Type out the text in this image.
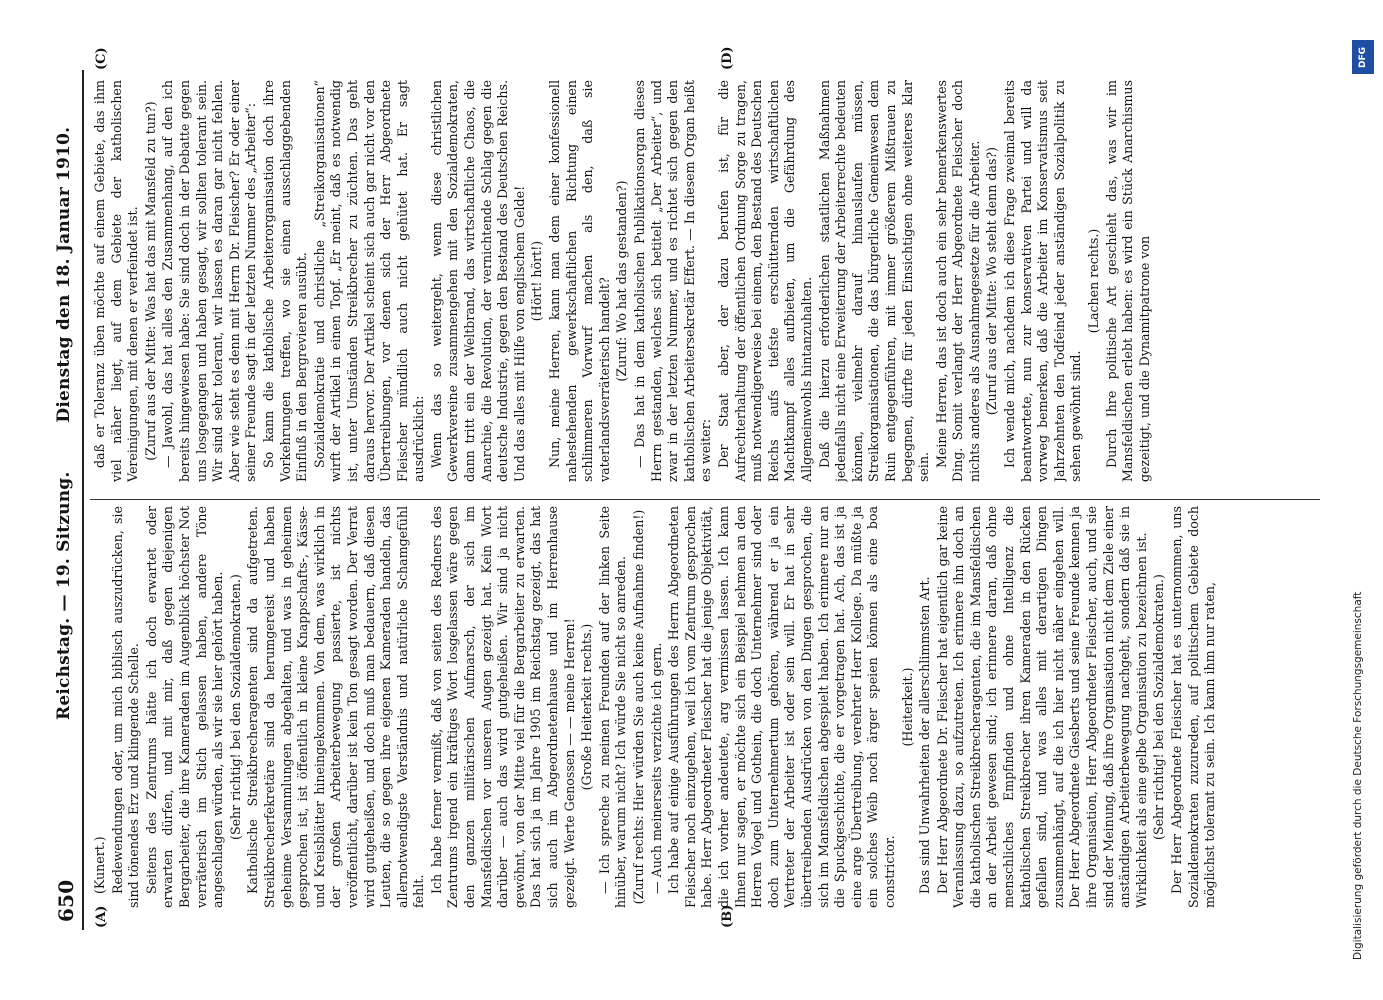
650
Reichstag. — 19. Sitzung.        Dienstag den 18. Januar 1910.
(A)	(B)
(C)	(D)

(Kunert.) Redewendungen oder, um mich biblisch auszudrücken, sie sind tönendes Erz und klingende Schelle. Seitens des Zentrums hätte ich doch erwartet oder erwarten dürfen, und mit mir, daß gegen diejenigen Bergarbeiter, die ihre Kameraden im Augenblick höchster Not verräterisch im Stich gelassen haben, andere Töne angeschlagen würden, als wir sie hier gehört haben. (Sehr richtig! bei den Sozialdemokraten.) Katholische Streikbrecheragenten sind da aufgetreten. Streikbrecherfekretäre sind da herumgereist und haben geheime Versammlungen abgehalten, und was in geheimen gesprochen ist, ist öffentlich in kleine Knappschafts-, Kässe- und Kreisblätter hineingekommen. Von dem, was wirklich in der großen Arbeiterbewegung passierte, ist nichts veröffentlicht, darüber ist kein Ton gesagt worden. Der Verrat wird gutgeheißen, und doch muß man bedauern, daß diesen Leuten, die so gegen ihre eigenen Kameraden handeln, das allernotwendigste Verständnis und natürliche Schamgefühl fehlt. Ich habe ferner vermißt, daß von seiten des Redners des Zentrums irgend ein kräftiges Wort losgelassen wäre gegen den ganzen militärischen Aufmarsch, der sich im Mansfeldischen vor unseren Augen gezeigt hat. Kein Wort darüber — auch das wird gutgeheißen. Wir sind ja nicht gewöhnt, von der Mitte viel für die Bergarbeiter zu erwarten. Das hat sich ja im Jahre 1905 im Reichstag gezeigt, das hat sich auch im Abgeordnetenhause und im Herrenhause gezeigt. Werte Genossen — — meine Herren! (Große Heiterkeit rechts.) — Ich spreche zu meinen Freunden auf der linken Seite hinüber, warum nicht? Ich würde Sie nicht so anreden. (Zuruf rechts: Hier würden Sie auch keine Aufnahme finden!) — Auch meinerseits verzichte ich gern. Ich habe auf einige Ausführungen des Herrn Abgeordneten Fleischer noch einzugehen, weil ich vom Zentrum gesprochen habe. Herr Abgeordneter Fleischer hat die jenige Objektivität, die ich vorher andeutete, arg vermissen lassen. Ich kann Ihnen nur sagen, er möchte sich ein Beispiel nehmen an den Herren Vogel und Gothein, die doch Unternehmer sind oder doch zum Unternehmertum gehören, während er ja ein Vertreter der Arbeiter ist oder sein will. Er hat in sehr übertreibenden Ausdrücken von den Dingen gesprochen, die sich im Mansfeldischen abgespielt haben. Ich erinnere nur an die Spuckgeschichte, die er vorgetragen hat. Ach, das ist ja eine arge Übertreibung, verehrter Herr Kollege. Da müßte ja ein solches Weib noch ärger speien können als eine boa constrictor.

(Heiterkeit.) Das sind Unwahrheiten der allerschlimmsten Art. Der Herr Abgeordnete Dr. Fleischer hat eigentlich gar keine Veranlassung dazu, so aufzutreten. Ich erinnere ihn doch an die katholischen Streikbrecheragenten, die im Mansfeldischen an der Arbeit gewesen sind; ich erinnere daran, daß ohne menschliches Empfinden und ohne Intelligenz die katholischen Streikbrecher ihren Kameraden in den Rücken gefallen sind, und was alles mit derartigen Dingen zusammenhängt, auf die ich hier nicht näher eingehen will. Der Herr Abgeordnete Giesberts und seine Freunde kennen ja ihre Organisation, Herr Abgeordneter Fleischer, auch, und sie sind der Meinung, daß ihre Organisation nicht dem Ziele einer anständigen Arbeiterbewegung nachgeht, sondern daß sie in Wirklichkeit als eine gelbe Organisation zu bezeichnen ist. (Sehr richtig! bei den Sozialdemokraten.) Der Herr Abgeordnete Fleischer hat es unternommen, uns Sozialdemokraten zuzureden, auf politischem Gebiete doch möglichst tolerant zu sein. Ich kann ihm nur raten,

daß er Toleranz üben möchte auf einem Gebiete, das ihm viel näher liegt, auf dem Gebiete der katholischen Vereinigungen, mit denen er verfeindet ist. (Zuruf aus der Mitte: Was hat das mit Mansfeld zu tun?) — Jawohl, das hat alles den Zusammenhang, auf den ich bereits hingewiesen habe: Sie sind doch in der Debatte gegen uns losgegangen und haben gesagt, wir sollten tolerant sein. Wir sind sehr tolerant, wir lassen es daran gar nicht fehlen. Aber wie steht es denn mit Herrn Dr. Fleischer? Er oder einer seiner Freunde sagt in der letzten Nummer des „Arbeiter“: So kann die katholische Arbeiterorganisation doch ihre Vorkehrungen treffen, wo sie einen ausschlaggebenden Einfluß in den Bergrevieren ausübt. Sozialdemokratie und christliche „Streikorganisationen“ wirft der Artikel in einen Topf. „Er meint, daß es notwendig ist, unter Umständen Streikbrecher zu züchten. Das geht daraus hervor. Der Artikel scheint sich auch gar nicht vor den Übertreibungen, vor denen sich der Herr Abgeordnete Fleischer mündlich auch nicht gehütet hat. Er sagt ausdrücklich: Wenn das so weitergeht, wenn diese christlichen Gewerkvereine zusammengehen mit den Sozialdemokraten, dann tritt ein der Weltbrand, das wirtschaftliche Chaos, die Anarchie, die Revolution, der vernichtende Schlag gegen die deutsche Industrie, gegen den Bestand des Deutschen Reichs. Und das alles mit Hilfe von englischem Gelde! (Hört! hört!) Nun, meine Herren, kann man dem einer konfessionell nahestehenden gewerkschaftlichen Richtung einen schlimmeren Vorwurf machen als den, daß sie vaterlandsverräterisch handelt? (Zuruf: Wo hat das gestanden?) — Das hat in dem katholischen Publikationsorgan dieses Herrn gestanden, welches sich betitelt „Der Arbeiter“, und zwar in der letzten Nummer, und es richtet sich gegen den katholischen Arbeitersekretär Effert. — In diesem Organ heißt es weiter: Der Staat aber, der dazu berufen ist, für die Aufrechterhaltung der öffentlichen Ordnung Sorge zu tragen, muß notwendigerweise bei einem, den Bestand des Deutschen Reichs aufs tiefste erschütternden wirtschaftlichen Machtkampf alles aufbieten, um die Gefährdung des Allgemeinwohls hintanzuhalten. Daß die hierzu erforderlichen staatlichen Maßnahmen jedenfalls nicht eine Erweiterung der Arbeiterrechte bedeuten können, vielmehr darauf hinauslaufen müssen, Streikorganisationen, die das bürgerliche Gemeinwesen dem Ruin entgegenführen, mit immer größerem Mißtrauen zu begegnen, dürfte für jeden Einsichtigen ohne weiteres klar sein. Meine Herren, das ist doch auch ein sehr bemerkenswertes Ding. Somit verlangt der Herr Abgeordnete Fleischer doch nichts anderes als Ausnahmegesetze für die Arbeiter. (Zuruf aus der Mitte: Wo steht denn das?) Ich wende mich, nachdem ich diese Frage zweimal bereits beantwortete, nun zur konservativen Partei und will da vorweg bemerken, daß die Arbeiter im Konservatismus seit Jahrzehnten den Todfeind jeder anständigen Sozialpolitik zu sehen gewöhnt sind.

(Lachen rechts.) Durch Ihre politische Art geschieht das, was wir im Mansfeldischen erlebt haben: es wird ein Stück Anarchismus gezeitigt, und die Dynamitpatrone von

DFG
Digitalisierung gefördert durch die Deutsche Forschungsgemeinschaft
